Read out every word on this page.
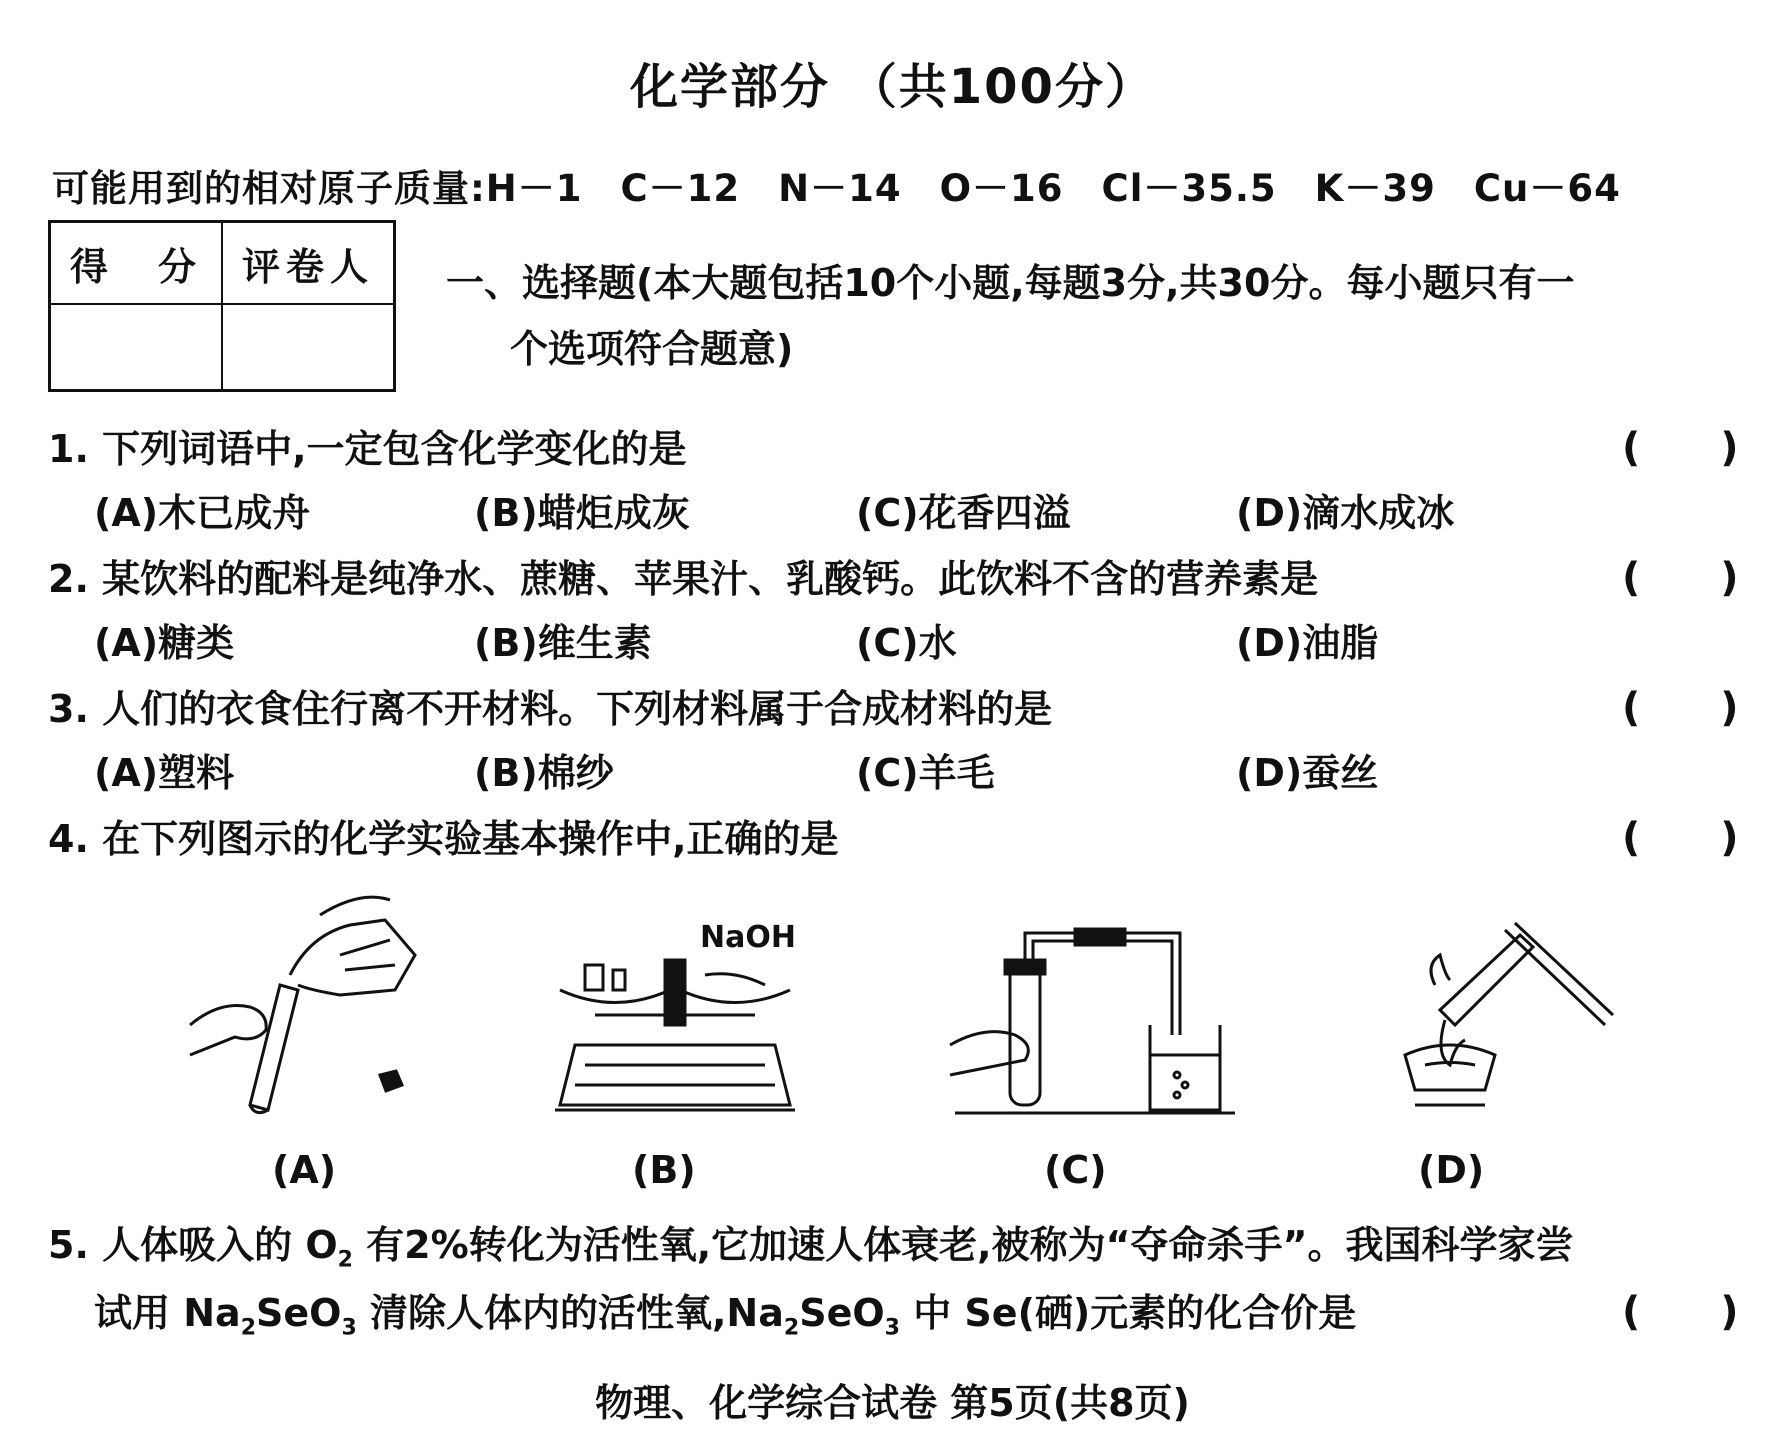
化学部分 （共100分）
可能用到的相对原子质量:H－1　C－12　N－14　O－16　Cl－35.5　K－39　Cu－64
得　分	评卷人
	一、选择题(本大题包括10个小题,每题3分,共30分。每小题只有一
个选项符合题意)
1. 下列词语中,一定包含化学变化的是	(　　)
(A)木已成舟	(B)蜡炬成灰	(C)花香四溢	(D)滴水成冰
2. 某饮料的配料是纯净水、蔗糖、苹果汁、乳酸钙。此饮料不含的营养素是	(　　)
(A)糖类	(B)维生素	(C)水	(D)油脂
3. 人们的衣食住行离不开材料。下列材料属于合成材料的是	(　　)
(A)塑料	(B)棉纱	(C)羊毛	(D)蚕丝
4. 在下列图示的化学实验基本操作中,正确的是	(　　)
(A)
NaOH
(B)	(C)	(D)
5. 人体吸入的 $O_2$ 有2%转化为活性氧,它加速人体衰老,被称为“夺命杀手”。我国科学家尝
试用 $Na_2SeO_3$ 清除人体内的活性氧$,Na_2SeO_3$ 中 Se(硒)元素的化合价是	(　　)
物理、化学综合试卷 第5页(共8页)
